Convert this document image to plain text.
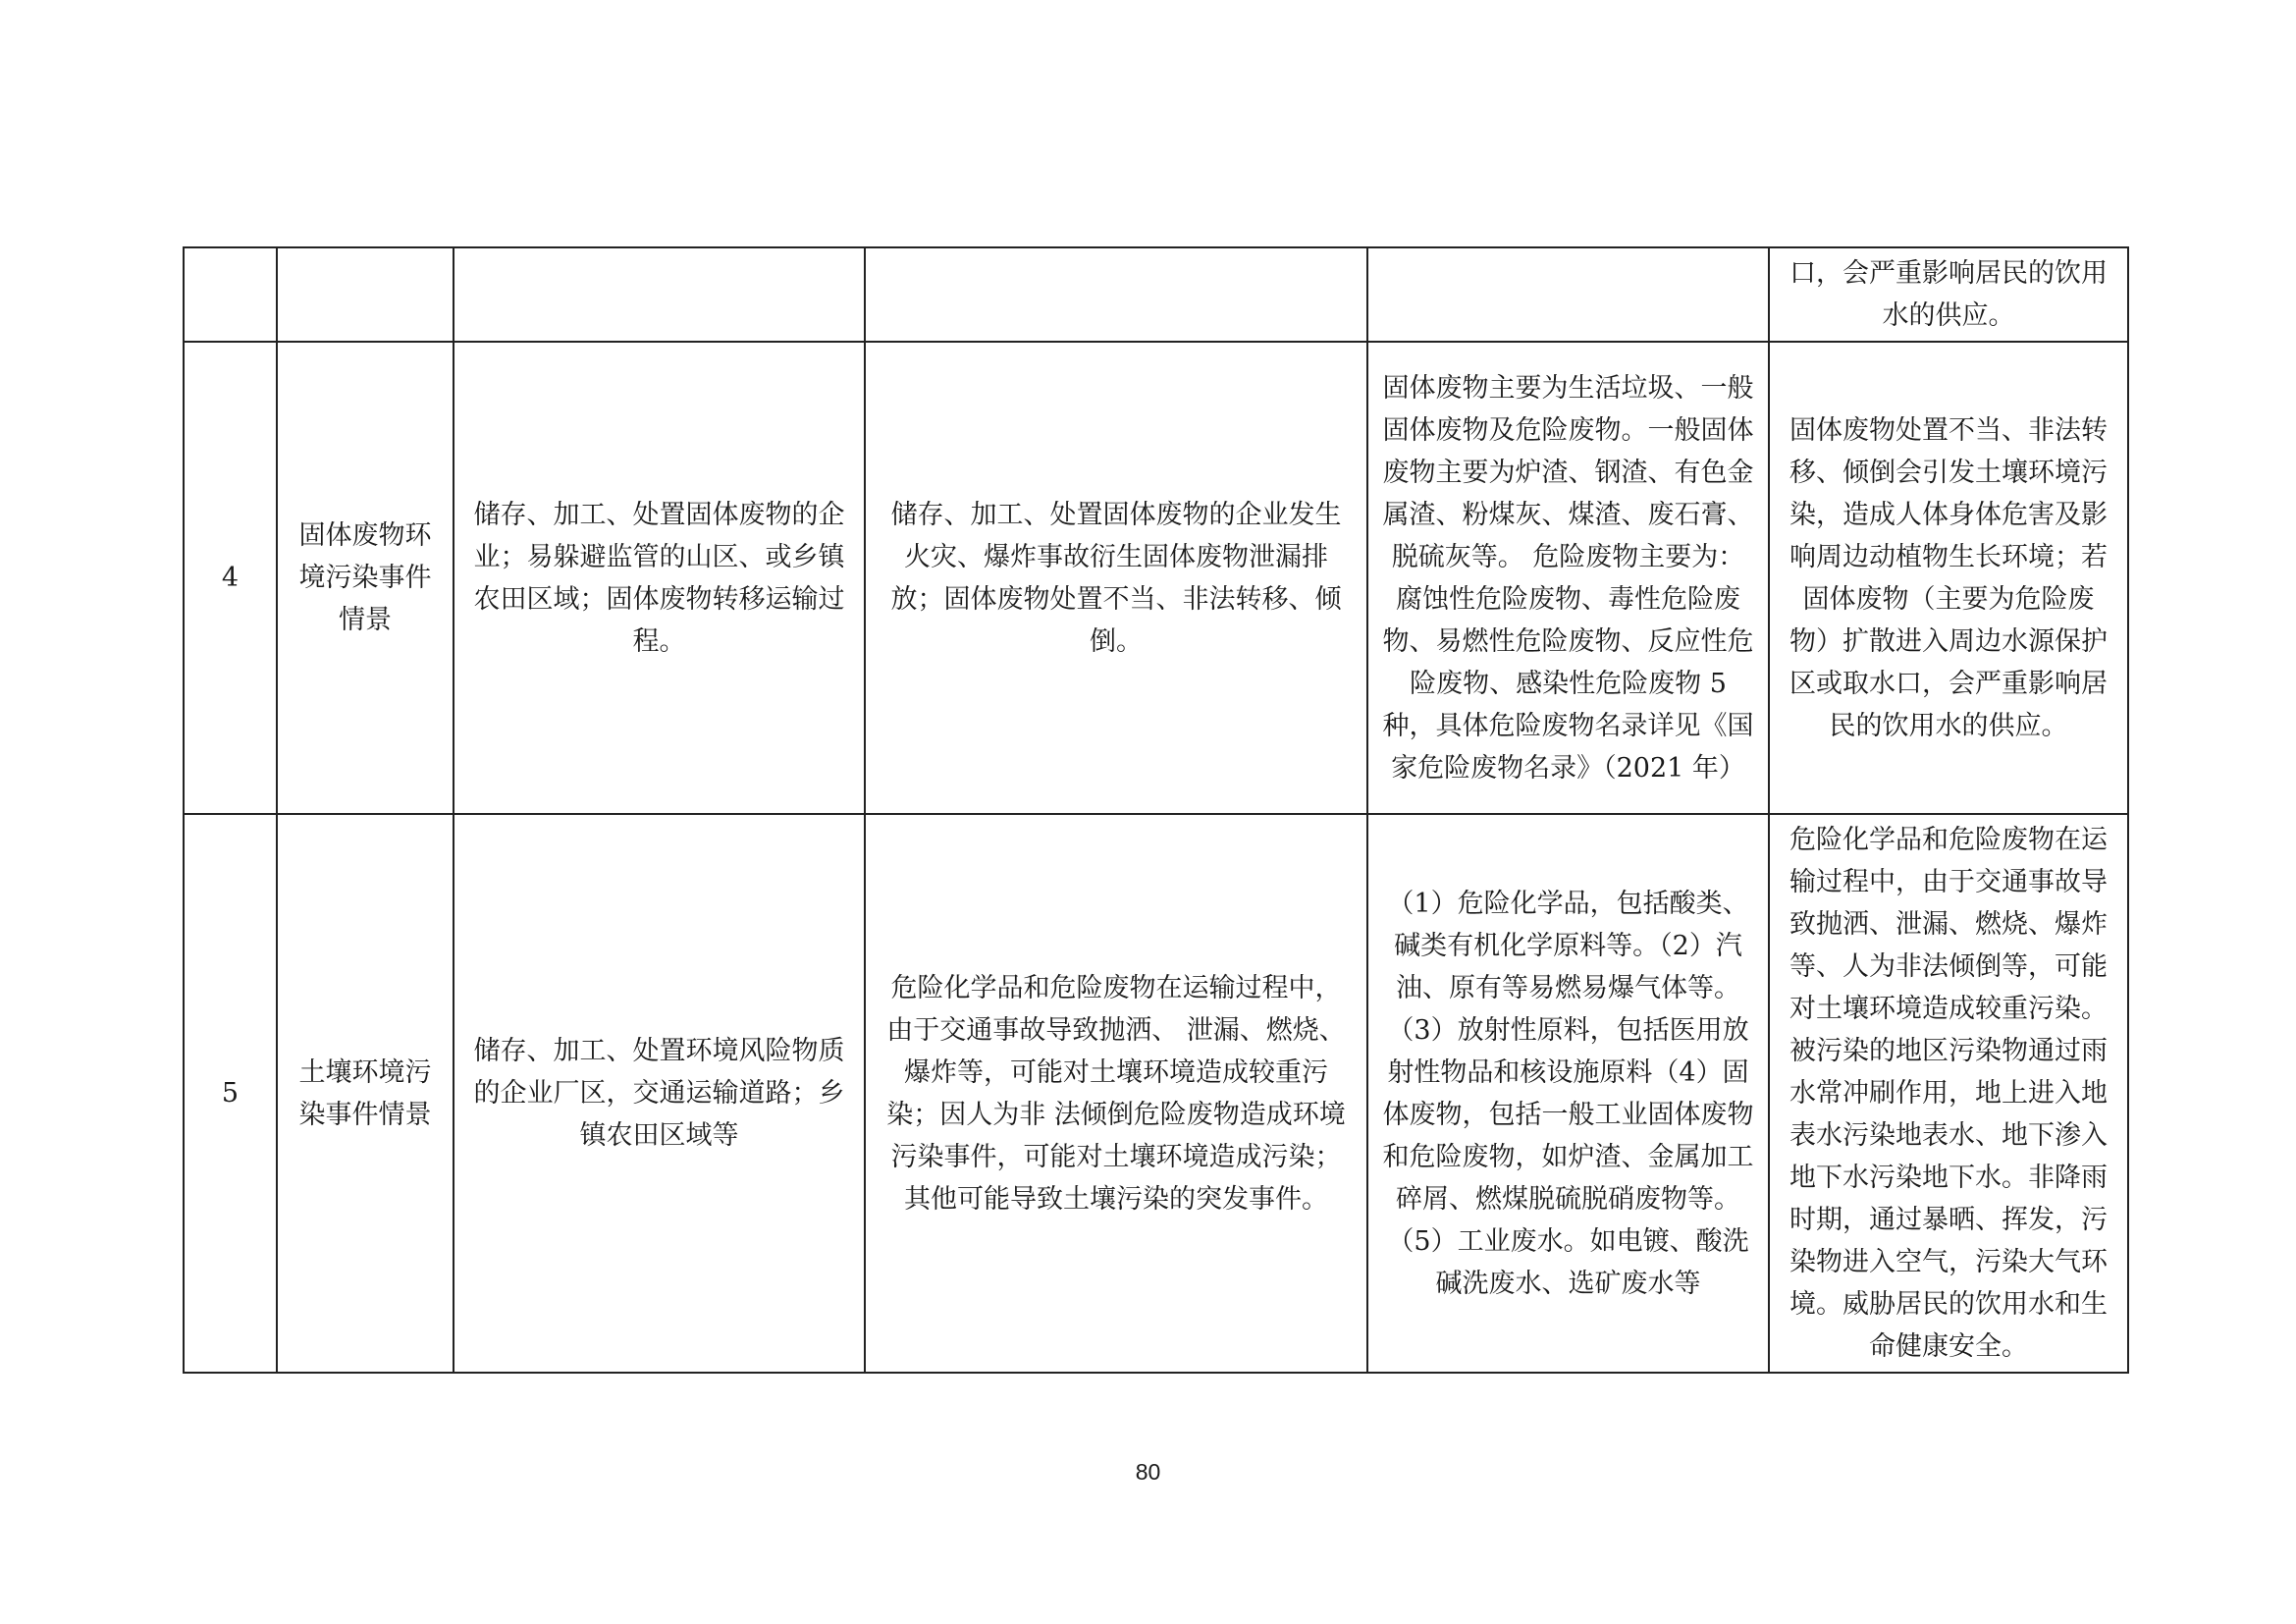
					口，会严重影响居民的饮用水的供应。
4	固体废物环境污染事件情景	储存、加工、处置固体废物的企业；易躲避监管的山区、或乡镇农田区域；固体废物转移运输过程。	储存、加工、处置固体废物的企业发生火灾、爆炸事故衍生固体废物泄漏排放；固体废物处置不当、非法转移、倾倒。	固体废物主要为生活垃圾、一般固体废物及危险废物。一般固体废物主要为炉渣、钢渣、有色金属渣、粉煤灰、煤渣、废石膏、脱硫灰等。 危险废物主要为：腐蚀性危险废物、毒性危险废物、易燃性危险废物、反应性危险废物、感染性危险废物 5 种，具体危险废物名录详见《国家危险废物名录》（2021 年）	固体废物处置不当、非法转移、倾倒会引发土壤环境污染，造成人体身体危害及影响周边动植物生长环境；若固体废物（主要为危险废物）扩散进入周边水源保护区或取水口，会严重影响居民的饮用水的供应。
5	土壤环境污染事件情景	储存、加工、处置环境风险物质的企业厂区，交通运输道路；乡镇农田区域等	危险化学品和危险废物在运输过程中，由于交通事故导致抛洒、 泄漏、燃烧、爆炸等，可能对土壤环境造成较重污染；因人为非 法倾倒危险废物造成环境污染事件，可能对土壤环境造成污染；其他可能导致土壤污染的突发事件。	（1）危险化学品，包括酸类、碱类有机化学原料等。（2）汽油、原有等易燃易爆气体等。（3）放射性原料，包括医用放射性物品和核设施原料（4）固体废物，包括一般工业固体废物和危险废物，如炉渣、金属加工碎屑、燃煤脱硫脱硝废物等。（5）工业废水。如电镀、酸洗碱洗废水、选矿废水等	危险化学品和危险废物在运输过程中，由于交通事故导致抛洒、泄漏、燃烧、爆炸等、人为非法倾倒等，可能对土壤环境造成较重污染。被污染的地区污染物通过雨水常冲刷作用，地上进入地表水污染地表水、地下渗入地下水污染地下水。非降雨时期，通过暴晒、挥发，污染物进入空气，污染大气环境。威胁居民的饮用水和生命健康安全。
80
